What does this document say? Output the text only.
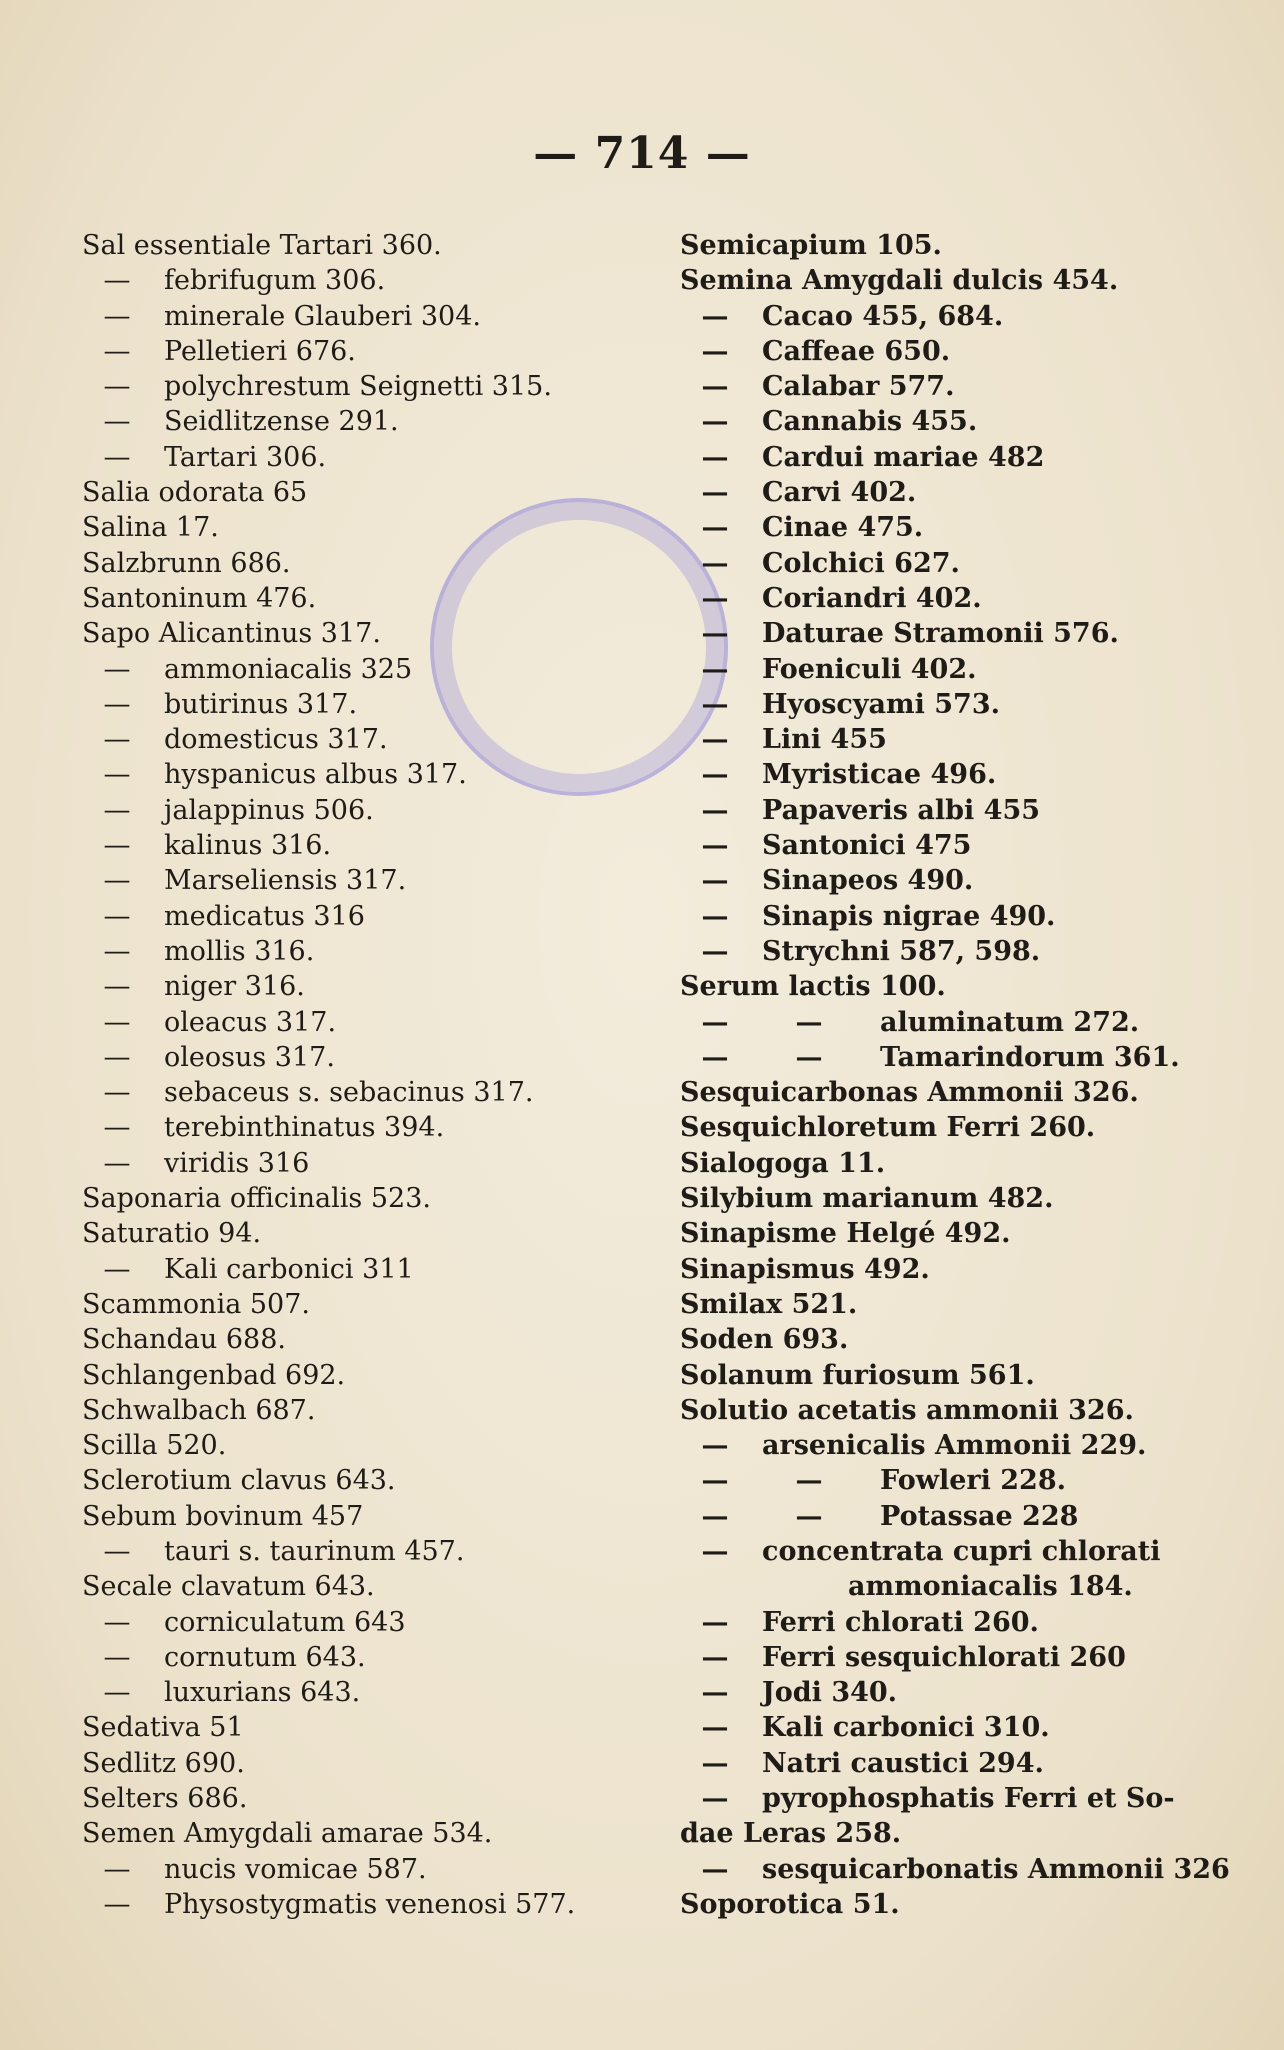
— 714 —
Sal essentiale Tartari 360.
— febrifugum 306.
— minerale Glauberi 304.
— Pelletieri 676.
— polychrestum Seignetti 315.
— Seidlitzense 291.
— Tartari 306.
Salia odorata 65
Salina 17.
Salzbrunn 686.
Santoninum 476.
Sapo Alicantinus 317.
— ammoniacalis 325
— butirinus 317.
— domesticus 317.
— hyspanicus albus 317.
— jalappinus 506.
— kalinus 316.
— Marseliensis 317.
— medicatus 316
— mollis 316.
— niger 316.
— oleacus 317.
— oleosus 317.
— sebaceus s. sebacinus 317.
— terebinthinatus 394.
— viridis 316
Saponaria officinalis 523.
Saturatio 94.
— Kali carbonici 311
Scammonia 507.
Schandau 688.
Schlangenbad 692.
Schwalbach 687.
Scilla 520.
Sclerotium clavus 643.
Sebum bovinum 457
— tauri s. taurinum 457.
Secale clavatum 643.
— corniculatum 643
— cornutum 643.
— luxurians 643.
Sedativa 51
Sedlitz 690.
Selters 686.
Semen Amygdali amarae 534.
— nucis vomicae 587.
— Physostygmatis venenosi 577.
Semicapium 105.
Semina Amygdali dulcis 454.
— Cacao 455, 684.
— Caffeae 650.
— Calabar 577.
— Cannabis 455.
— Cardui mariae 482
— Carvi 402.
— Cinae 475.
— Colchici 627.
— Coriandri 402.
— Daturae Stramonii 576.
— Foeniculi 402.
— Hyoscyami 573.
— Lini 455
— Myristicae 496.
— Papaveris albi 455
— Santonici 475
— Sinapeos 490.
— Sinapis nigrae 490.
— Strychni 587, 598.
Serum lactis 100.
— — aluminatum 272.
— — Tamarindorum 361.
Sesquicarbonas Ammonii 326.
Sesquichloretum Ferri 260.
Sialogoga 11.
Silybium marianum 482.
Sinapisme Helgé 492.
Sinapismus 492.
Smilax 521.
Soden 693.
Solanum furiosum 561.
Solutio acetatis ammonii 326.
— arsenicalis Ammonii 229.
— — Fowleri 228.
— — Potassae 228
— concentrata cupri chlorati
ammoniacalis 184.
— Ferri chlorati 260.
— Ferri sesquichlorati 260
— Jodi 340.
— Kali carbonici 310.
— Natri caustici 294.
— pyrophosphatis Ferri et So-
dae Leras 258.
— sesquicarbonatis Ammonii 326
Soporotica 51.
